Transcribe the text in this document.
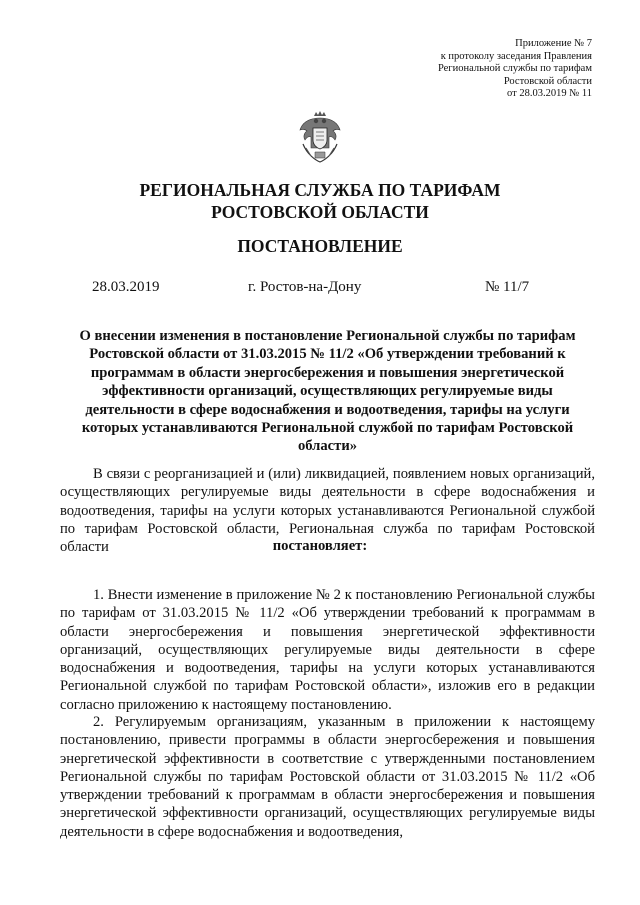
Приложение № 7
к протоколу заседания Правления
Региональной службы по тарифам
Ростовской области
от 28.03.2019 № 11
РЕГИОНАЛЬНАЯ СЛУЖБА ПО ТАРИФАМ
РОСТОВСКОЙ ОБЛАСТИ
ПОСТАНОВЛЕНИЕ
28.03.2019	г. Ростов-на-Дону	№ 11/7
О внесении изменения в постановление Региональной службы по тарифам Ростовской области от 31.03.2015 № 11/2 «Об утверждении требований к программам в области энергосбережения и повышения энергетической эффективности организаций, осуществляющих регулируемые виды деятельности в сфере водоснабжения и водоотведения, тарифы на услуги которых устанавливаются Региональной службой по тарифам Ростовской области»

В связи с реорганизацией и (или) ликвидацией, появлением новых организаций, осуществляющих регулируемые виды деятельности в сфере водоснабжения и водоотведения, тарифы на услуги которых устанавливаются Региональной службой по тарифам Ростовской области, Региональная служба по тарифам Ростовской области	постановляет:

1. Внести изменение в приложение № 2 к постановлению Региональной службы по тарифам от 31.03.2015 № 11/2 «Об утверждении требований к программам в области энергосбережения и повышения энергетической эффективности организаций, осуществляющих регулируемые виды деятельности в сфере водоснабжения и водоотведения, тарифы на услуги которых устанавливаются Региональной службой по тарифам Ростовской области», изложив его в редакции согласно приложению к настоящему постановлению.

2. Регулируемым организациям, указанным в приложении к настоящему постановлению, привести программы в области энергосбережения и повышения энергетической эффективности в соответствие с утвержденными постановлением Региональной службы по тарифам Ростовской области от 31.03.2015 № 11/2 «Об утверждении требований к программам в области энергосбережения и повышения энергетической эффективности организаций, осуществляющих регулируемые виды деятельности в сфере водоснабжения и водоотведения,
